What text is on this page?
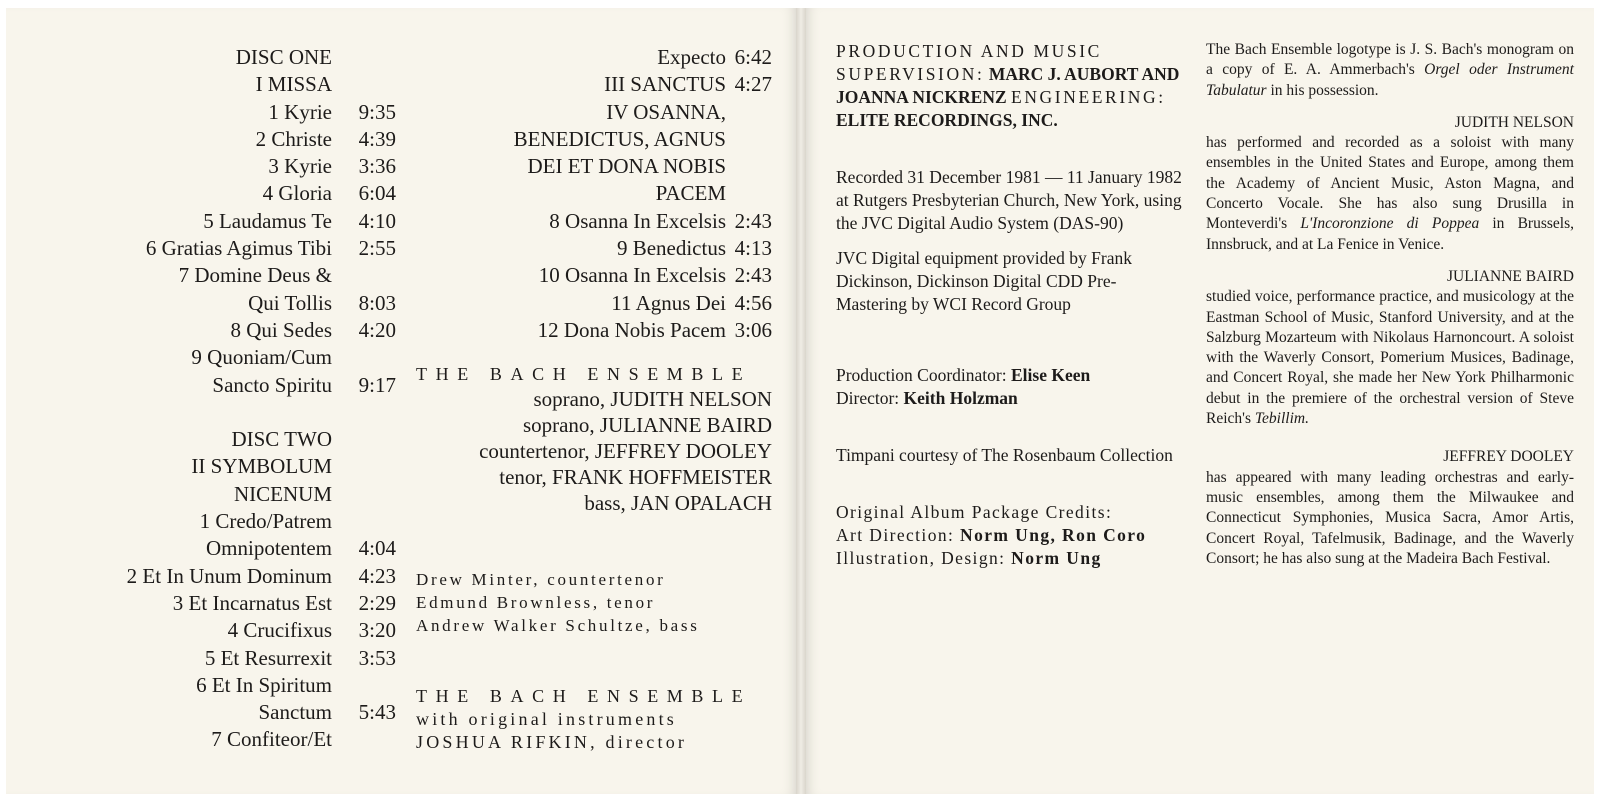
DISC ONE
I MISSA
1 Kyrie	9:35
2 Christe	4:39
3 Kyrie	3:36
4 Gloria	6:04
5 Laudamus Te	4:10
6 Gratias Agimus Tibi	2:55
7 Domine Deus &
Qui Tollis	8:03
8 Qui Sedes	4:20
9 Quoniam/Cum
Sancto Spiritu	9:17
DISC TWO
II SYMBOLUM
NICENUM
1 Credo/Patrem
Omnipotentem	4:04
2 Et In Unum Dominum	4:23
3 Et Incarnatus Est	2:29
4 Crucifixus	3:20
5 Et Resurrexit	3:53
6 Et In Spiritum
Sanctum	5:43
7 Confiteor/Et
Expecto 6:42
III SANCTUS 4:27
IV OSANNA,
BENEDICTUS, AGNUS
DEI ET DONA NOBIS
PACEM
8 Osanna In Excelsis 2:43
9 Benedictus 4:13
10 Osanna In Excelsis 2:43
11 Agnus Dei 4:56
12 Dona Nobis Pacem 3:06
THE BACH ENSEMBLE
soprano, JUDITH NELSON
soprano, JULIANNE BAIRD
countertenor, JEFFREY DOOLEY
tenor, FRANK HOFFMEISTER
bass, JAN OPALACH
Drew Minter, countertenor
Edmund Brownless, tenor
Andrew Walker Schultze, bass
THE BACH ENSEMBLE
with original instruments
JOSHUA RIFKIN, director

PRODUCTION AND MUSIC SUPERVISION: MARC J. AUBORT AND JOANNA NICKRENZ ENGINEERING: ELITE RECORDINGS, INC.

Recorded 31 December 1981 — 11 January 1982 at Rutgers Presbyterian Church, New York, using the JVC Digital Audio System (DAS-90)

JVC Digital equipment provided by Frank Dickinson, Dickinson Digital CDD Pre-Mastering by WCI Record Group

Production Coordinator: Elise Keen
Director: Keith Holzman

Timpani courtesy of The Rosenbaum Collection

Original Album Package Credits:
Art Direction: Norm Ung, Ron Coro
Illustration, Design: Norm Ung

The Bach Ensemble logotype is J. S. Bach's monogram on a copy of E. A. Ammerbach's Orgel oder Instrument Tabulatur in his possession.

JUDITH NELSON

has performed and recorded as a soloist with many ensembles in the United States and Europe, among them the Academy of Ancient Music, Aston Magna, and Concerto Vocale. She has also sung Drusilla in Monteverdi's L'Incoronzione di Poppea in Brussels, Innsbruck, and at La Fenice in Venice.

JULIANNE BAIRD

studied voice, performance practice, and musicology at the Eastman School of Music, Stanford University, and at the Salzburg Mozarteum with Nikolaus Harnoncourt. A soloist with the Waverly Consort, Pomerium Musices, Badinage, and Concert Royal, she made her New York Philharmonic debut in the premiere of the orchestral version of Steve Reich's Tebillim.

JEFFREY DOOLEY

has appeared with many leading orchestras and early-music ensembles, among them the Milwaukee and Connecticut Symphonies, Musica Sacra, Amor Artis, Concert Royal, Tafelmusik, Badinage, and the Waverly Consort; he has also sung at the Madeira Bach Festival.
